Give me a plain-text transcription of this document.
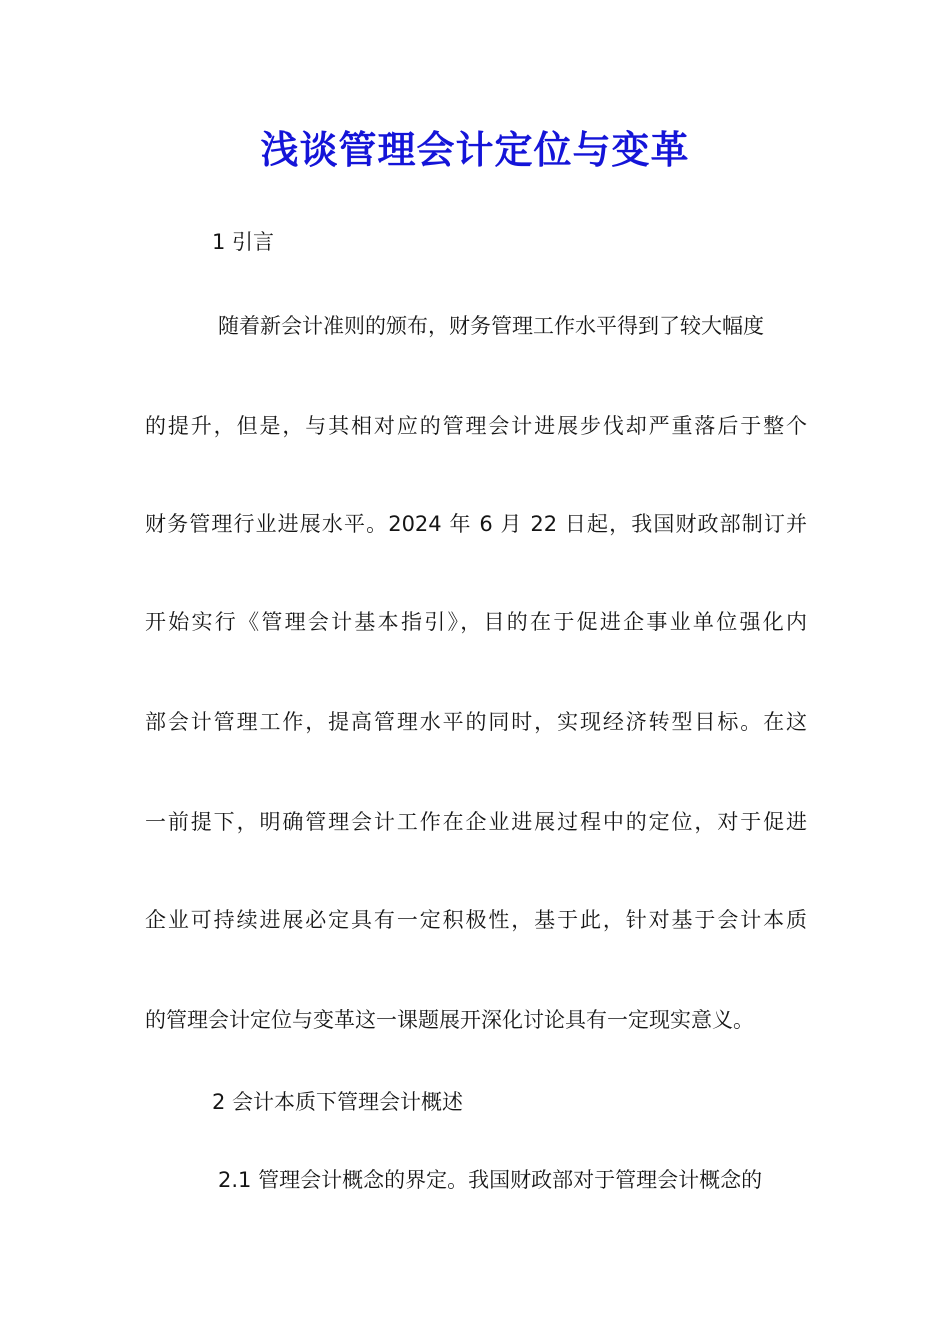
浅谈管理会计定位与变革
1 引言
随着新会计准则的颁布，财务管理工作水平得到了较大幅度
的提升，但是，与其相对应的管理会计进展步伐却严重落后于整个
财务管理行业进展水平。2024 年 6 月 22 日起，我国财政部制订并
开始实行《管理会计基本指引》，目的在于促进企事业单位强化内
部会计管理工作，提高管理水平的同时，实现经济转型目标。在这
一前提下，明确管理会计工作在企业进展过程中的定位，对于促进
企业可持续进展必定具有一定积极性，基于此，针对基于会计本质
的管理会计定位与变革这一课题展开深化讨论具有一定现实意义。
2 会计本质下管理会计概述
2.1 管理会计概念的界定。我国财政部对于管理会计概念的
